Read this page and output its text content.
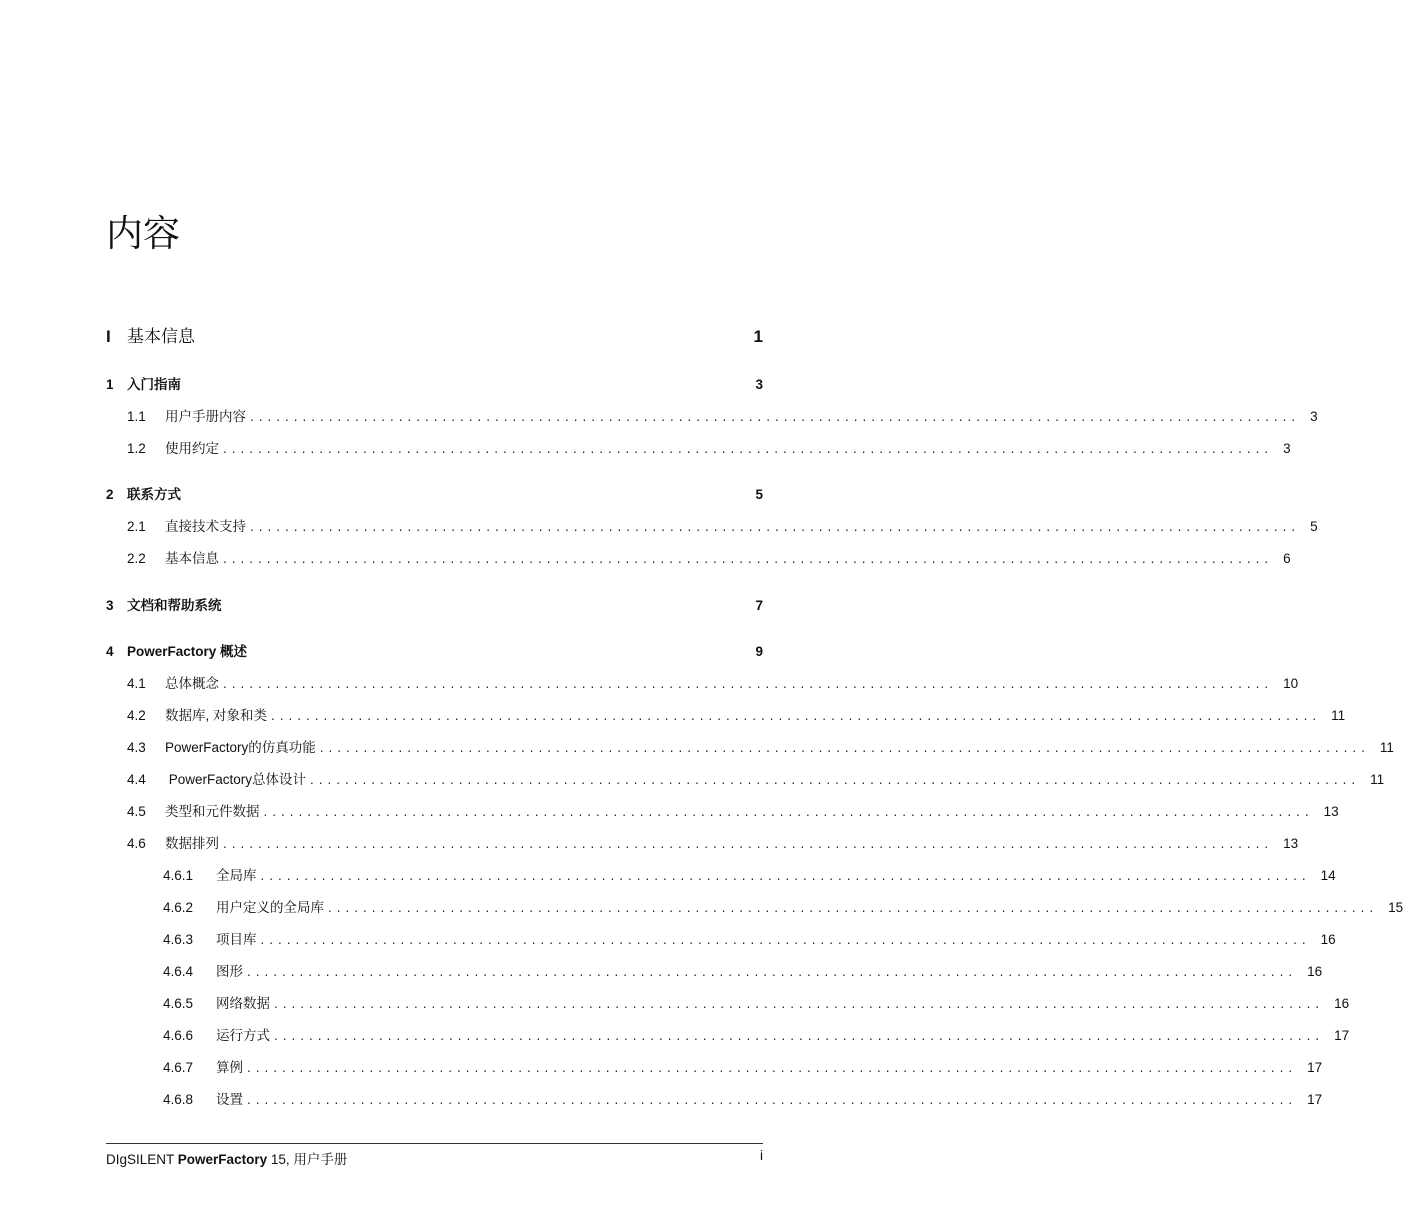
内容
I 基本信息	1
1 入门指南	3
1.1	用户手册内容 ........................................................................................................................ 3
1.2	使用约定 ........................................................................................................................ 3
2 联系方式	5
2.1	直接技术支持 ........................................................................................................................ 5
2.2	基本信息 ........................................................................................................................ 6
3 文档和帮助系统	7
4 PowerFactory 概述	9
4.1	总体概念 ........................................................................................................................ 10
4.2	数据库, 对象和类 ........................................................................................................................ 11
4.3	PowerFactory的仿真功能 ........................................................................................................................ 11
4.4	PowerFactory总体设计 ........................................................................................................................ 11
4.5	类型和元件数据 ........................................................................................................................ 13
4.6	数据排列 ........................................................................................................................ 13
4.6.1	全局库 ........................................................................................................................ 14
4.6.2	用户定义的全局库 ........................................................................................................................ 15
4.6.3	项目库 ........................................................................................................................ 16
4.6.4	图形 ........................................................................................................................ 16
4.6.5	网络数据 ........................................................................................................................ 16
4.6.6	运行方式 ........................................................................................................................ 17
4.6.7	算例 ........................................................................................................................ 17
4.6.8	设置 ........................................................................................................................ 17
DIgSILENT PowerFactory 15, 用户手册	i
